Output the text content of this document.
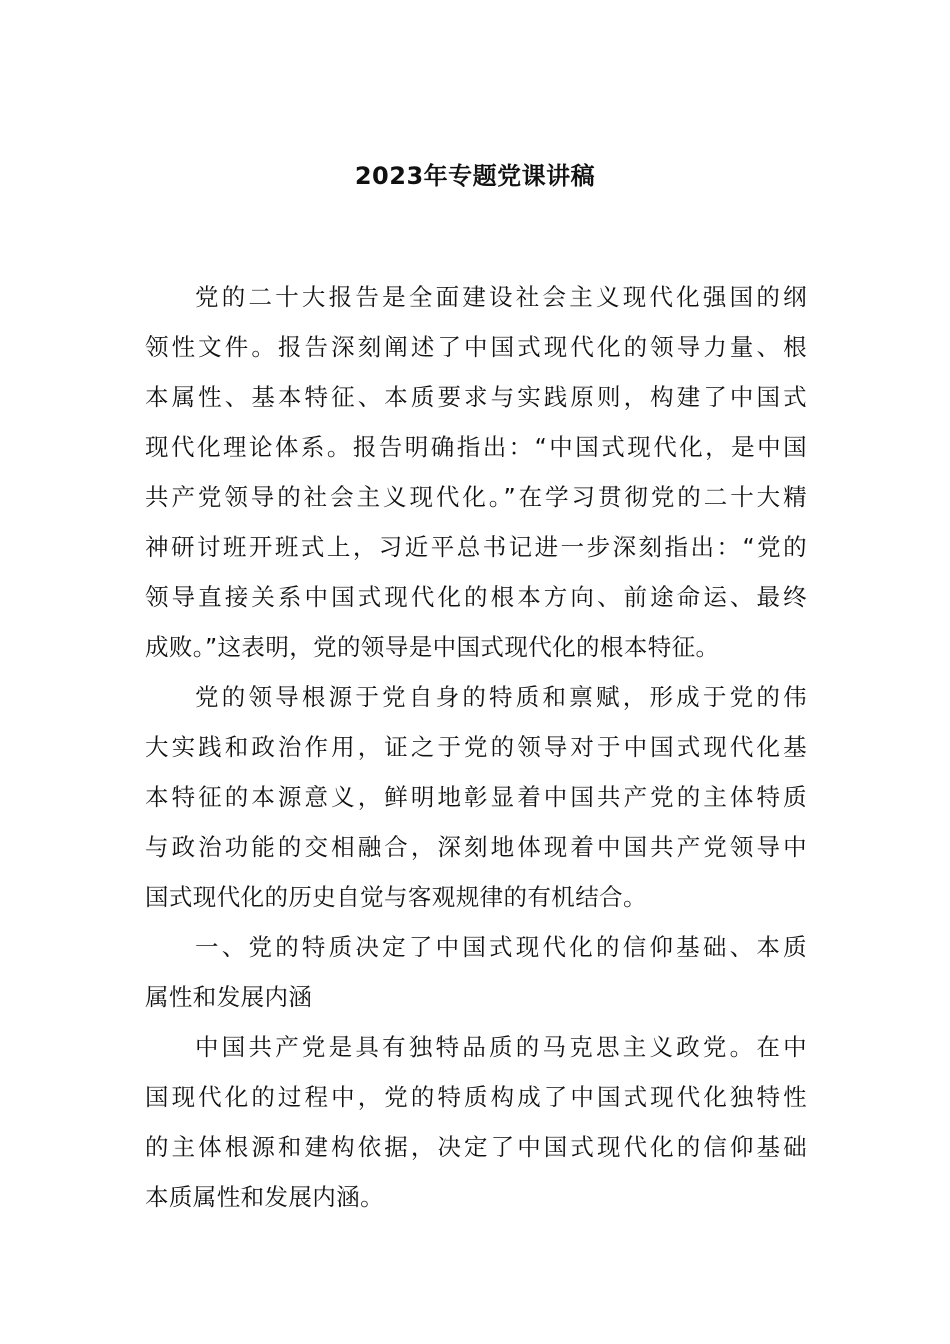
2023年专题党课讲稿
党的二十大报告是全面建设社会主义现代化强国的纲
领性文件。报告深刻阐述了中国式现代化的领导力量、根
本属性、基本特征、本质要求与实践原则，构建了中国式
现代化理论体系。报告明确指出：“中国式现代化，是中国
共产党领导的社会主义现代化。”在学习贯彻党的二十大精
神研讨班开班式上，习近平总书记进一步深刻指出：“党的
领导直接关系中国式现代化的根本方向、前途命运、最终
成败。”这表明，党的领导是中国式现代化的根本特征。
党的领导根源于党自身的特质和禀赋，形成于党的伟
大实践和政治作用，证之于党的领导对于中国式现代化基
本特征的本源意义，鲜明地彰显着中国共产党的主体特质
与政治功能的交相融合，深刻地体现着中国共产党领导中
国式现代化的历史自觉与客观规律的有机结合。
一、党的特质决定了中国式现代化的信仰基础、本质
属性和发展内涵
中国共产党是具有独特品质的马克思主义政党。在中
国现代化的过程中，党的特质构成了中国式现代化独特性
的主体根源和建构依据，决定了中国式现代化的信仰基础
本质属性和发展内涵。
